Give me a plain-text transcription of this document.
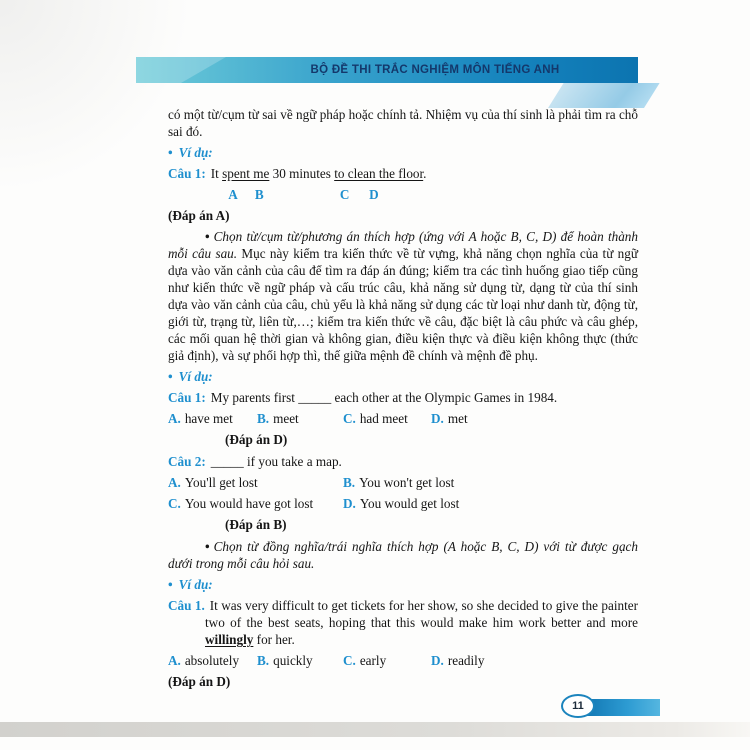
BỘ ĐỀ THI TRẮC NGHIỆM MÔN TIẾNG ANH

có một từ/cụm từ sai về ngữ pháp hoặc chính tả. Nhiệm vụ của thí sinh là phải tìm ra chỗ sai đó.

• Ví dụ:

Câu 1: It spent me 30 minutes to clean the floor.

A B	C D

(Đáp án A)

• Chọn từ/cụm từ/phương án thích hợp (ứng với A hoặc B, C, D) để hoàn thành mỗi câu sau. Mục này kiểm tra kiến thức về từ vựng, khả năng chọn nghĩa của từ ngữ dựa vào văn cảnh của câu để tìm ra đáp án đúng; kiểm tra các tình huống giao tiếp cũng như kiến thức về ngữ pháp và cấu trúc câu, khả năng sử dụng từ, dạng từ của thí sinh dựa vào văn cảnh của câu, chủ yếu là khả năng sử dụng các từ loại như danh từ, động từ, giới từ, trạng từ, liên từ,…; kiểm tra kiến thức về câu, đặc biệt là câu phức và câu ghép, các mối quan hệ thời gian và không gian, điều kiện thực và điều kiện không thực (thức giả định), và sự phối hợp thì, thế giữa mệnh đề chính và mệnh đề phụ.

• Ví dụ:

Câu 1: My parents first _____ each other at the Olympic Games in 1984.

A. have met B. meet	C. had meet D. met

(Đáp án D)

Câu 2: _____ if you take a map.

A. You'll get lost	B. You won't get lost

C. You would have got lost D. You would get lost

(Đáp án B)

• Chọn từ đồng nghĩa/trái nghĩa thích hợp (A hoặc B, C, D) với từ được gạch dưới trong mỗi câu hỏi sau.

• Ví dụ:

Câu 1. It was very difficult to get tickets for her show, so she decided to give the painter two of the best seats, hoping that this would make him work better and more willingly for her.

A. absolutely B. quickly C. early	D. readily

(Đáp án D)

11
